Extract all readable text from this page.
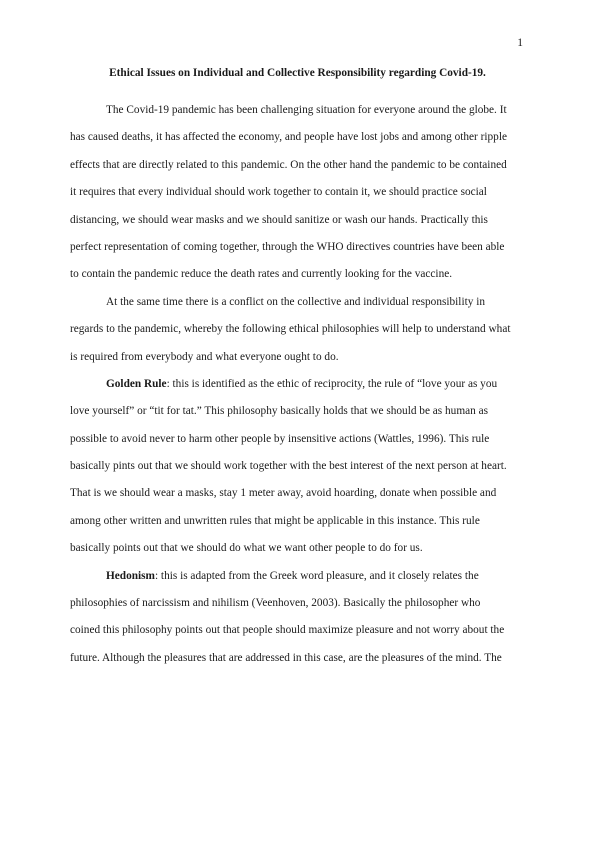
1
Ethical Issues on Individual and Collective Responsibility regarding Covid-19.

The Covid-19 pandemic has been challenging situation for everyone around the globe. It
has caused deaths, it has affected the economy, and people have lost jobs and among other ripple
effects that are directly related to this pandemic. On the other hand the pandemic to be contained
it requires that every individual should work together to contain it, we should practice social
distancing, we should wear masks and we should sanitize or wash our hands. Practically this
perfect representation of coming together, through the WHO directives countries have been able
to contain the pandemic reduce the death rates and currently looking for the vaccine.

At the same time there is a conflict on the collective and individual responsibility in
regards to the pandemic, whereby the following ethical philosophies will help to understand what
is required from everybody and what everyone ought to do.

Golden Rule: this is identified as the ethic of reciprocity, the rule of “love your as you
love yourself” or “tit for tat.” This philosophy basically holds that we should be as human as
possible to avoid never to harm other people by insensitive actions (Wattles, 1996). This rule
basically pints out that we should work together with the best interest of the next person at heart.
That is we should wear a masks, stay 1 meter away, avoid hoarding, donate when possible and
among other written and unwritten rules that might be applicable in this instance. This rule
basically points out that we should do what we want other people to do for us.

Hedonism: this is adapted from the Greek word pleasure, and it closely relates the
philosophies of narcissism and nihilism (Veenhoven, 2003). Basically the philosopher who
coined this philosophy points out that people should maximize pleasure and not worry about the
future. Although the pleasures that are addressed in this case, are the pleasures of the mind. The
